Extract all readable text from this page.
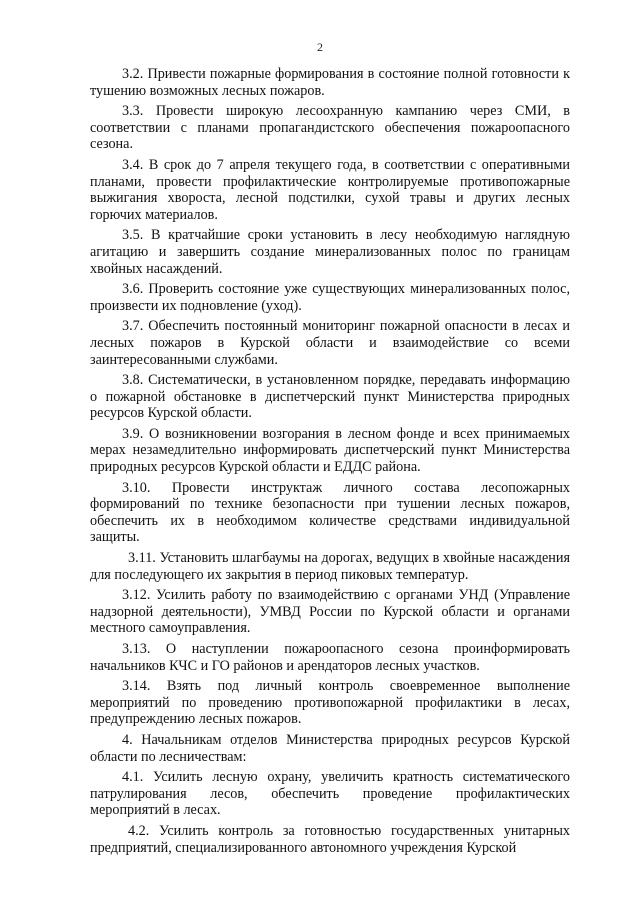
2

3.2. Привести пожарные формирования в состояние полной готовности к тушению возможных лесных пожаров.

3.3. Провести широкую лесоохранную кампанию через СМИ, в соответствии с планами пропагандистского обеспечения пожароопасного сезона.

3.4. В срок до 7 апреля текущего года, в соответствии с оперативными планами, провести профилактические контролируемые противопожарные выжигания хвороста, лесной подстилки, сухой травы и других лесных горючих материалов.

3.5. В кратчайшие сроки установить в лесу необходимую наглядную агитацию и завершить создание минерализованных полос по границам хвойных насаждений.

3.6. Проверить состояние уже существующих минерализованных полос, произвести их подновление (уход).

3.7. Обеспечить постоянный мониторинг пожарной опасности в лесах и лесных пожаров в Курской области и взаимодействие со всеми заинтересованными службами.

3.8. Систематически, в установленном порядке, передавать информацию о пожарной обстановке в диспетчерский пункт Министерства природных ресурсов Курской области.

3.9. О возникновении возгорания в лесном фонде и всех принимаемых мерах незамедлительно информировать диспетчерский пункт Министерства природных ресурсов Курской области и ЕДДС района.

3.10. Провести инструктаж личного состава лесопожарных формирований по технике безопасности при тушении лесных пожаров, обеспечить их в необходимом количестве средствами индивидуальной защиты.

3.11. Установить шлагбаумы на дорогах, ведущих в хвойные насаждения для последующего их закрытия в период пиковых температур.

3.12. Усилить работу по взаимодействию с органами УНД (Управление надзорной деятельности), УМВД России по Курской области и органами местного самоуправления.

3.13. О наступлении пожароопасного сезона проинформировать начальников КЧС и ГО районов и арендаторов лесных участков.

3.14. Взять под личный контроль своевременное выполнение мероприятий по проведению противопожарной профилактики в лесах, предупреждению лесных пожаров.

4. Начальникам отделов Министерства природных ресурсов Курской области по лесничествам:

4.1. Усилить лесную охрану, увеличить кратность систематического патрулирования лесов, обеспечить проведение профилактических мероприятий в лесах.

4.2. Усилить контроль за готовностью государственных унитарных предприятий, специализированного автономного учреждения Курской
